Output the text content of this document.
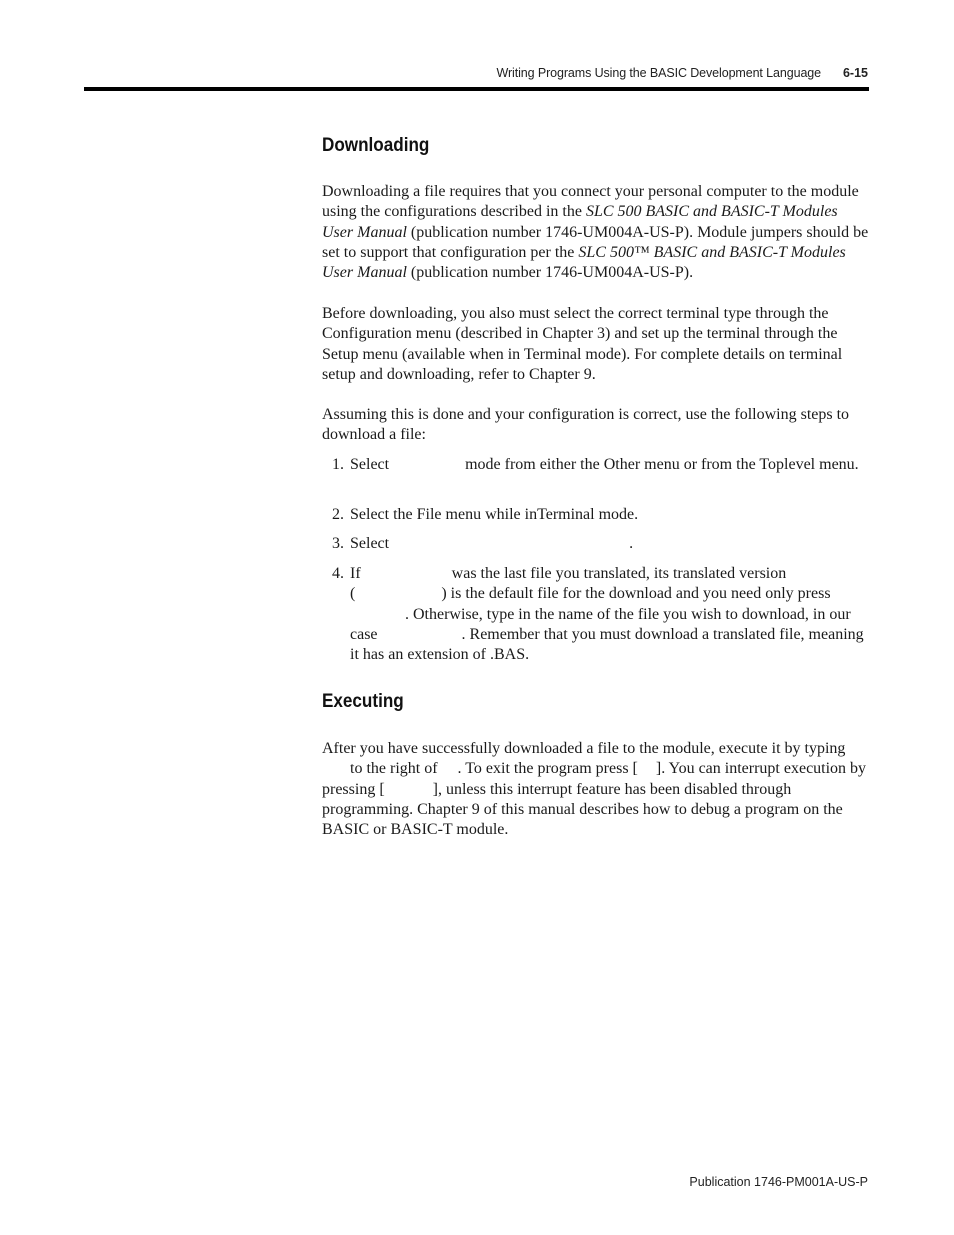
Writing Programs Using the BASIC Development Language 6-15
Downloading

Downloading a file requires that you connect your personal computer to the module using the configurations described in the SLC 500 BASIC and BASIC-T Modules User Manual (publication number 1746-UM004A-US-P). Module jumpers should be set to support that configuration per the SLC 500™ BASIC and BASIC-T Modules User Manual (publication number 1746-UM004A-US-P).

Before downloading, you also must select the correct terminal type through the Configuration menu (described in Chapter 3) and set up the terminal through the Setup menu (available when in Terminal mode). For complete details on terminal setup and downloading, refer to Chapter 9.

Assuming this is done and your configuration is correct, use the following steps to download a file:

1. Select	mode from either the Other menu or from the Toplevel menu.
2. Select the File menu while inTerminal mode.
3. Select	.
4. If	was the last file you translated, its translated version
(	) is the default file for the download and you need only press. Otherwise, type in the name of the file you wish to download, in our case	. Remember that you must download a translated file, meaning it has an extension of .BAS.
Executing

After you have successfully downloaded a file to the module, execute it by typing to the right of . To exit the program press [ ]. You can interrupt execution by pressing [	], unless this interrupt feature has been disabled through programming. Chapter 9 of this manual describes how to debug a program on the BASIC or BASIC-T module.

Publication 1746-PM001A-US-P
